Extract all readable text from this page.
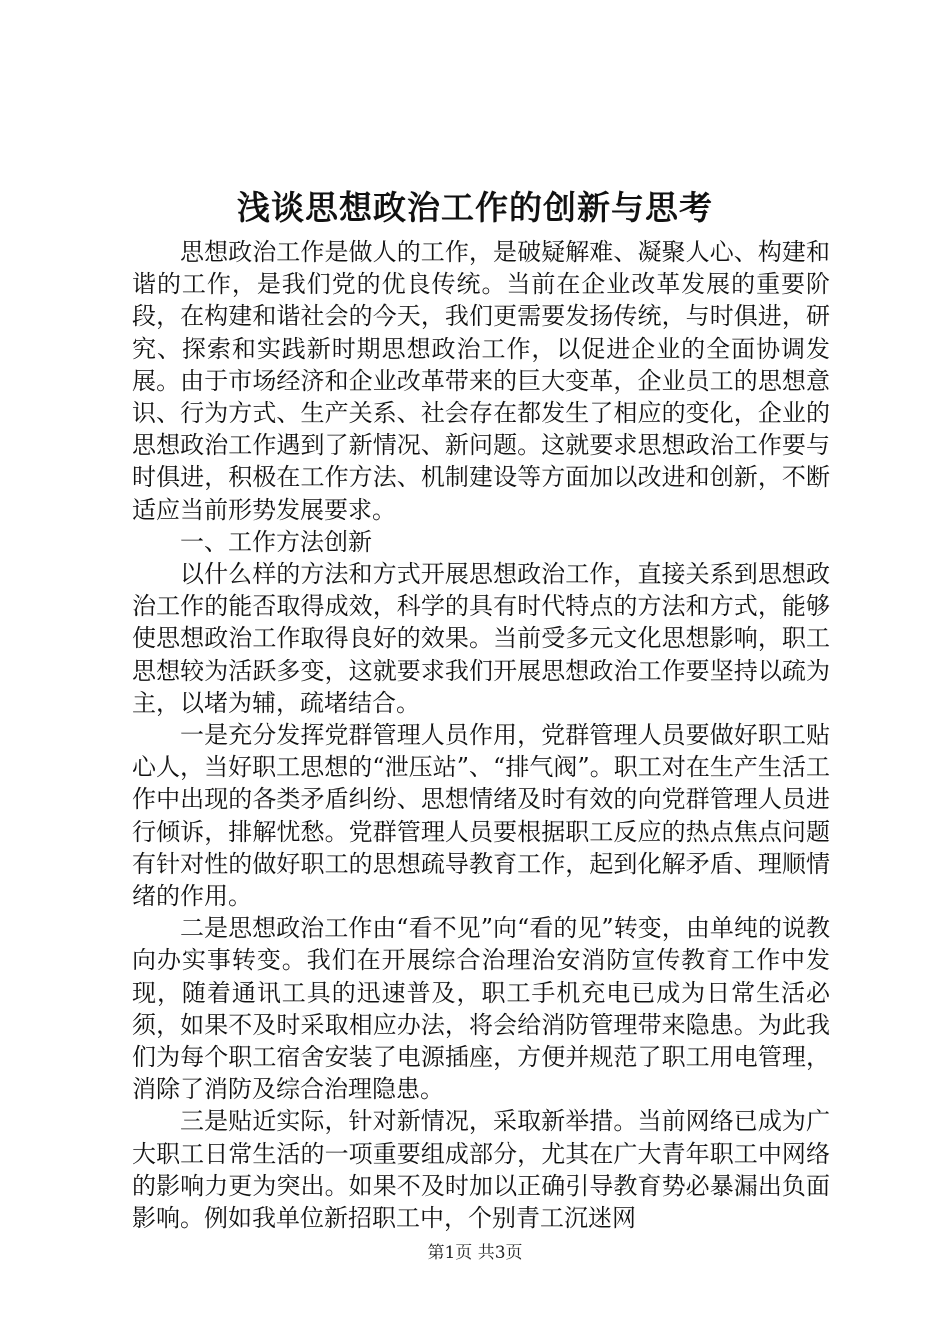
浅谈思想政治工作的创新与思考

思想政治工作是做人的工作，是破疑解难、凝聚人心、构建和谐的工作，是我们党的优良传统。当前在企业改革发展的重要阶段，在构建和谐社会的今天，我们更需要发扬传统，与时俱进，研究、探索和实践新时期思想政治工作，以促进企业的全面协调发展。由于市场经济和企业改革带来的巨大变革，企业员工的思想意识、行为方式、生产关系、社会存在都发生了相应的变化，企业的思想政治工作遇到了新情况、新问题。这就要求思想政治工作要与时俱进，积极在工作方法、机制建设等方面加以改进和创新，不断适应当前形势发展要求。

一、工作方法创新

以什么样的方法和方式开展思想政治工作，直接关系到思想政治工作的能否取得成效，科学的具有时代特点的方法和方式，能够使思想政治工作取得良好的效果。当前受多元文化思想影响，职工思想较为活跃多变，这就要求我们开展思想政治工作要坚持以疏为主，以堵为辅，疏堵结合。

一是充分发挥党群管理人员作用，党群管理人员要做好职工贴心人，当好职工思想的“泄压站”、“排气阀”。职工对在生产生活工作中出现的各类矛盾纠纷、思想情绪及时有效的向党群管理人员进行倾诉，排解忧愁。党群管理人员要根据职工反应的热点焦点问题有针对性的做好职工的思想疏导教育工作，起到化解矛盾、理顺情绪的作用。

二是思想政治工作由“看不见”向“看的见”转变，由单纯的说教向办实事转变。我们在开展综合治理治安消防宣传教育工作中发现，随着通讯工具的迅速普及，职工手机充电已成为日常生活必须，如果不及时采取相应办法，将会给消防管理带来隐患。为此我们为每个职工宿舍安装了电源插座，方便并规范了职工用电管理，消除了消防及综合治理隐患。

三是贴近实际，针对新情况，采取新举措。当前网络已成为广大职工日常生活的一项重要组成部分，尤其在广大青年职工中网络的影响力更为突出。如果不及时加以正确引导教育势必暴漏出负面影响。例如我单位新招职工中，个别青工沉迷网

第1页 共3页
